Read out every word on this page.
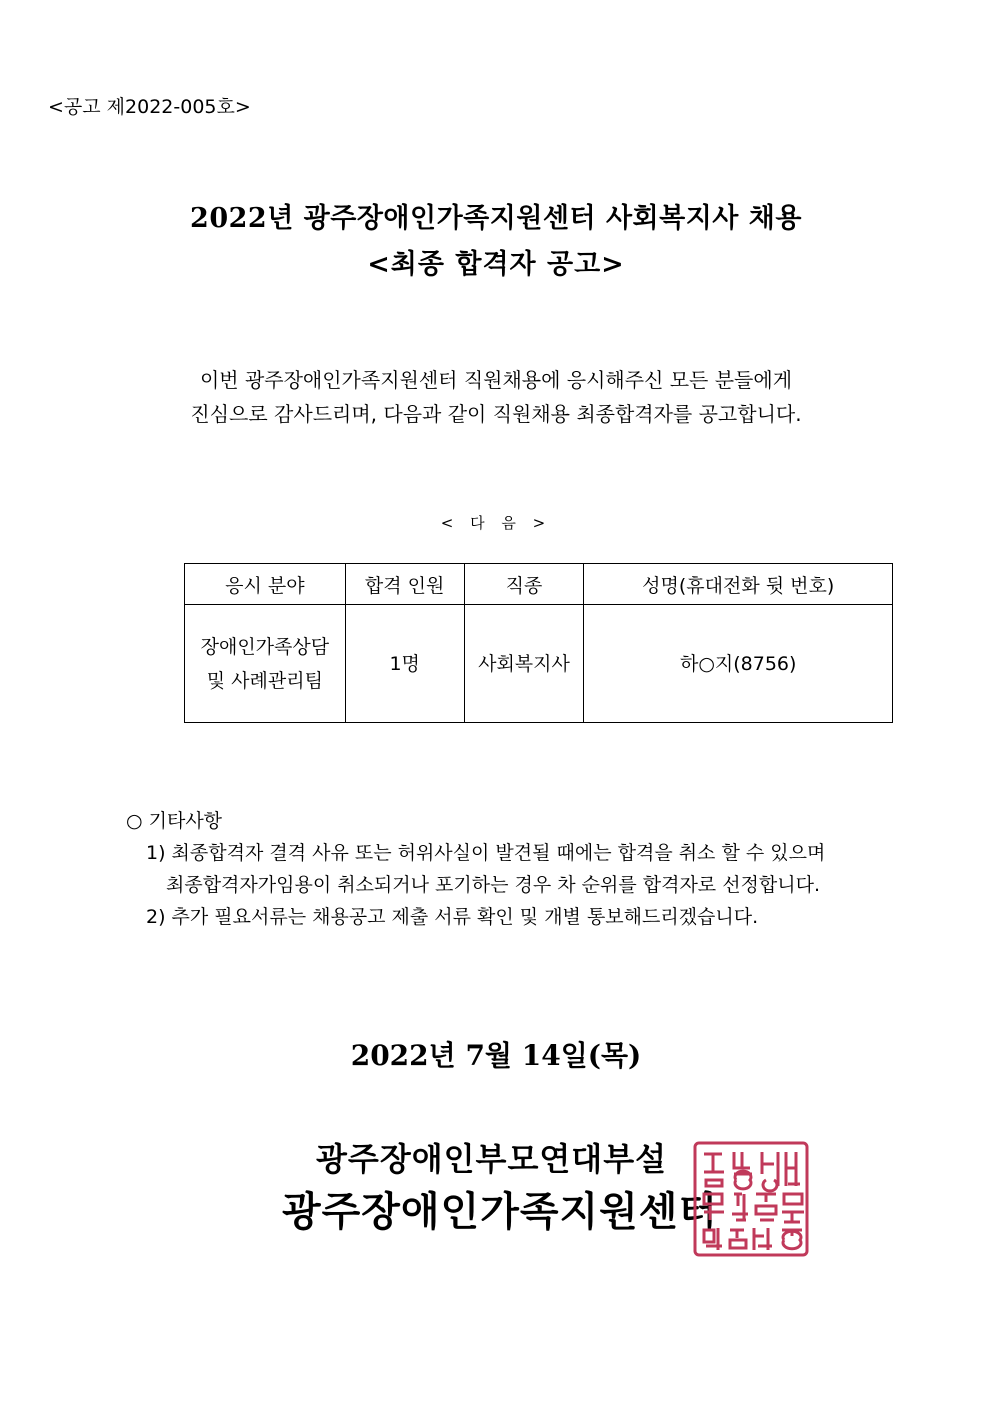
<공고 제2022-005호>
2022년 광주장애인가족지원센터 사회복지사 채용
<최종 합격자 공고>
이번 광주장애인가족지원센터 직원채용에 응시해주신 모든 분들에게
진심으로 감사드리며, 다음과 같이 직원채용 최종합격자를 공고합니다.
< 다 음 >
응시 분야	합격 인원	직종	성명(휴대전화 뒷 번호)

장애인가족상담
및 사례관리팀	1명	사회복지사	하○지(8756)
○ 기타사항
1) 최종합격자 결격 사유 또는 허위사실이 발견될 때에는 합격을 취소 할 수 있으며
최종합격자가임용이 취소되거나 포기하는 경우 차 순위를 합격자로 선정합니다.
2) 추가 필요서류는 채용공고 제출 서류 확인 및 개별 통보해드리겠습니다.
2022년 7월 14일(목)
광주장애인부모연대부설
광주장애인가족지원센터
